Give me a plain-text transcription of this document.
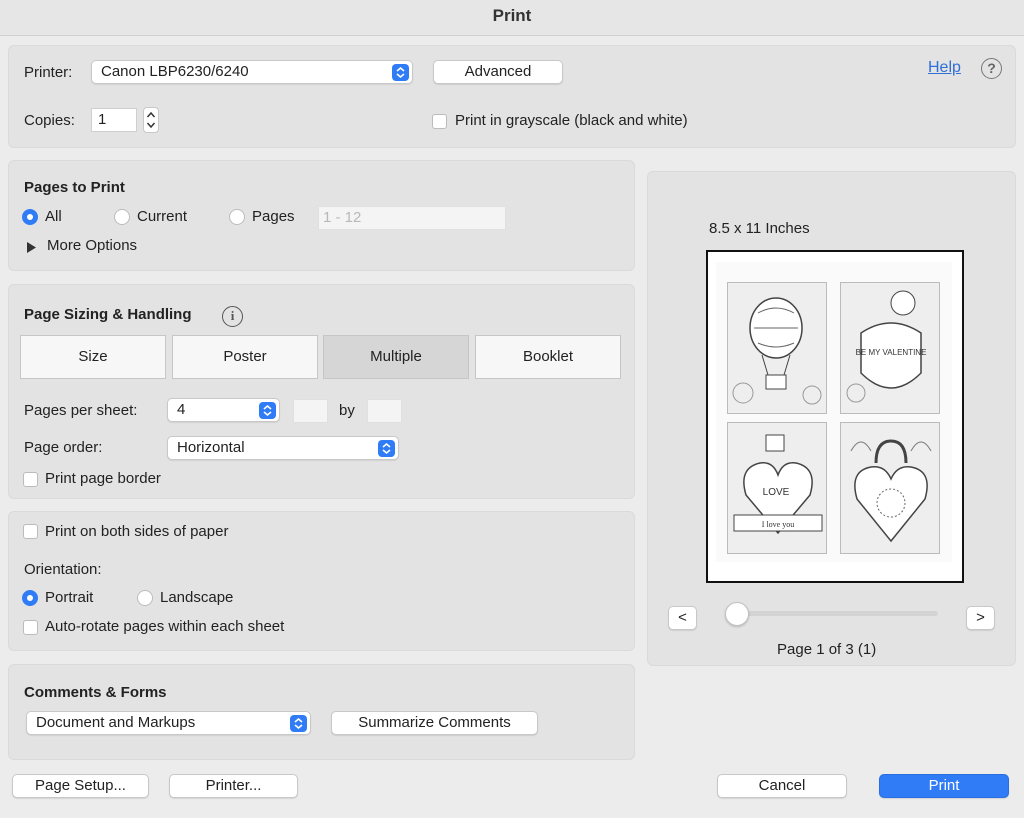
Print
Printer:	Canon LBP6230/6240	Advanced	Help	?
Copies:	1	Print in grayscale (black and white)
Pages to Print
All	Current	Pages	1 - 12
More Options
Page Sizing & Handling	i
Size	Poster	Multiple	Booklet
Pages per sheet:	4	by
Page order:	Horizontal
Print page border
Print on both sides of paper
Orientation:
Portrait	Landscape
Auto-rotate pages within each sheet
Comments & Forms
Document and Markups	Summarize Comments
8.5 x 11 Inches
BE MY VALENTINE
LOVE
I love you
<	>
Page 1 of 3 (1)
Page Setup...	Printer...	Cancel	Print
